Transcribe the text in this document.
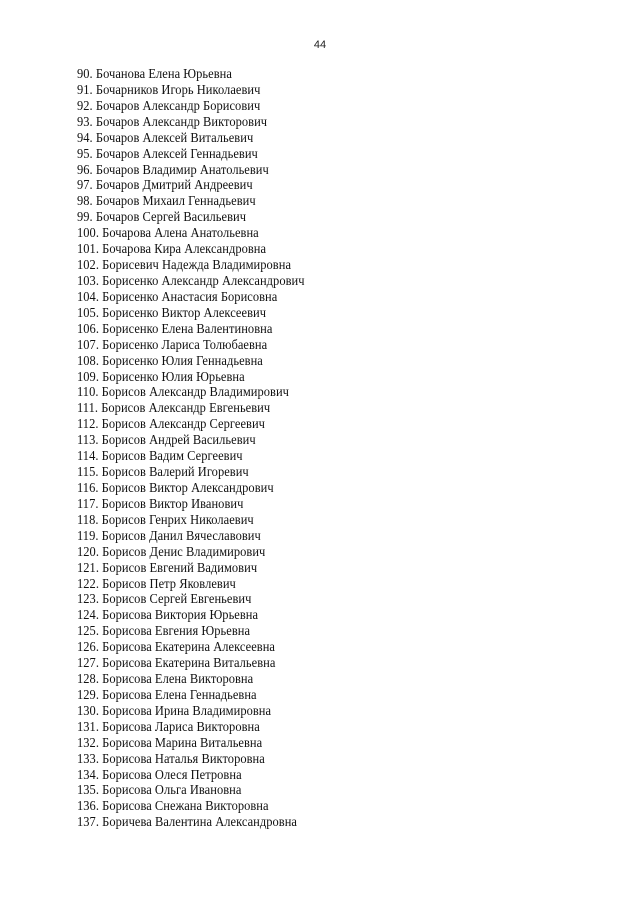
44
90. Бочанова Елена Юрьевна
91. Бочарников Игорь Николаевич
92. Бочаров Александр Борисович
93. Бочаров Александр Викторович
94. Бочаров Алексей Витальевич
95. Бочаров Алексей Геннадьевич
96. Бочаров Владимир Анатольевич
97. Бочаров Дмитрий Андреевич
98. Бочаров Михаил Геннадьевич
99. Бочаров Сергей Васильевич
100. Бочарова Алена Анатольевна
101. Бочарова Кира Александровна
102. Борисевич Надежда Владимировна
103. Борисенко Александр Александрович
104. Борисенко Анастасия Борисовна
105. Борисенко Виктор Алексеевич
106. Борисенко Елена Валентиновна
107. Борисенко Лариса Толюбаевна
108. Борисенко Юлия Геннадьевна
109. Борисенко Юлия Юрьевна
110. Борисов Александр Владимирович
111. Борисов Александр Евгеньевич
112. Борисов Александр Сергеевич
113. Борисов Андрей Васильевич
114. Борисов Вадим Сергеевич
115. Борисов Валерий Игоревич
116. Борисов Виктор Александрович
117. Борисов Виктор Иванович
118. Борисов Генрих Николаевич
119. Борисов Данил Вячеславович
120. Борисов Денис Владимирович
121. Борисов Евгений Вадимович
122. Борисов Петр Яковлевич
123. Борисов Сергей Евгеньевич
124. Борисова Виктория Юрьевна
125. Борисова Евгения Юрьевна
126. Борисова Екатерина Алексеевна
127. Борисова Екатерина Витальевна
128. Борисова Елена Викторовна
129. Борисова Елена Геннадьевна
130. Борисова Ирина Владимировна
131. Борисова Лариса Викторовна
132. Борисова Марина Витальевна
133. Борисова Наталья Викторовна
134. Борисова Олеся Петровна
135. Борисова Ольга Ивановна
136. Борисова Снежана Викторовна
137. Боричева Валентина Александровна
